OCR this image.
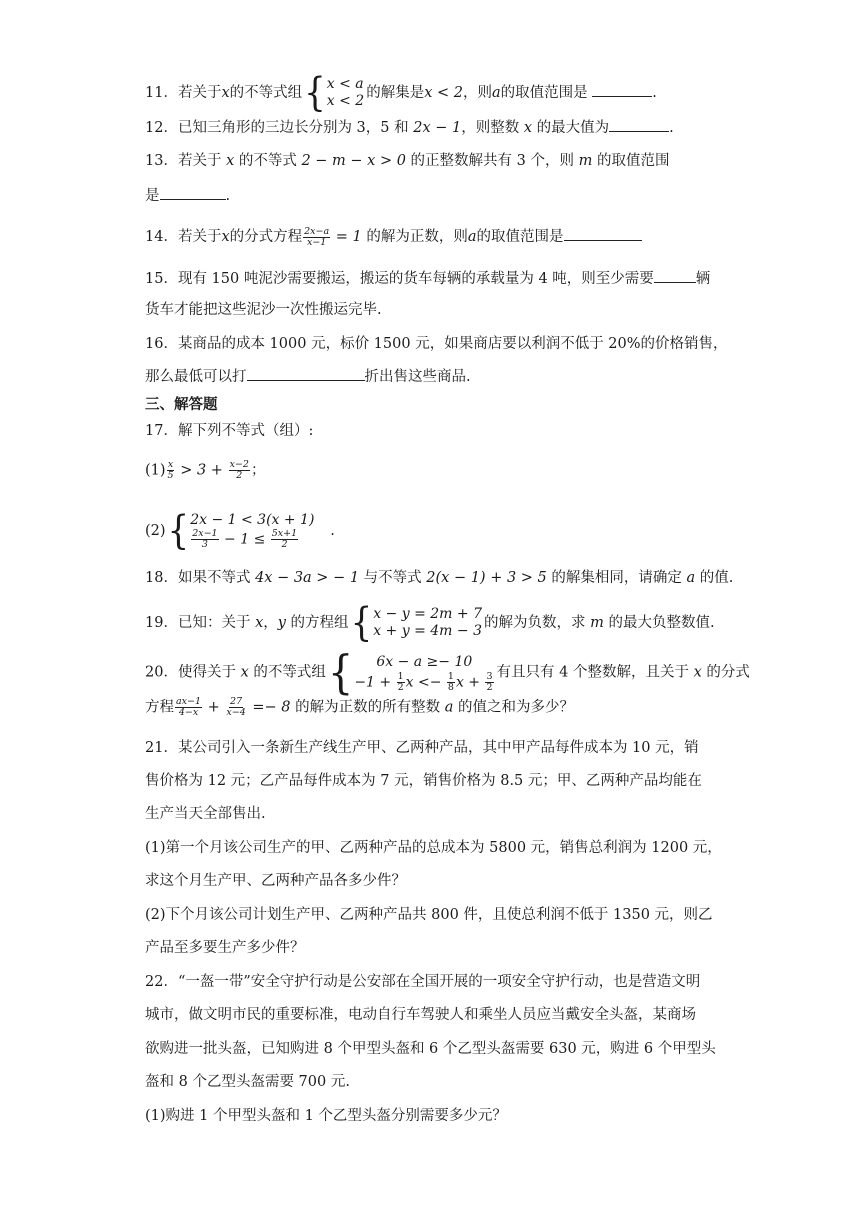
11．若关于x的不等式组 { x < a
x < 2 的解集是x < 2，则a的取值范围是	.
12．已知三角形的三边长分别为 3，5 和 2x − 1，则整数 x 的最大值为	.
13．若关于 x 的不等式 2 − m − x > 0 的正整数解共有 3 个，则 m 的取值范围
是	.
14．若关于x的分式方程 $\frac{2x-a}{x-1} = 1$ 的解为正数，则a的取值范围是
15．现有 150 吨泥沙需要搬运，搬运的货车每辆的承载量为 4 吨，则至少需要	辆
货车才能把这些泥沙一次性搬运完毕.
16．某商品的成本 1000 元，标价 1500 元，如果商店要以利润不低于 20%的价格销售，
那么最低可以打	折出售这些商品.
三、解答题
17．解下列不等式（组）:
$(1) \frac{x}{5} > 3 + \frac{x-2}{2}$ ；
(2) { 2x − 1 < 3(x + 1)
$\frac{2x-1}{3} - 1 \le \frac{5x+1}{2}$ .
18．如果不等式 4x − 3a > − 1 与不等式 2(x − 1) + 3 > 5 的解集相同，请确定 a 的值.
19．已知：关于 x，y 的方程组 { x − y = 2m + 7
x + y = 4m − 3 的解为负数，求 m 的最大负整数值.
20．使得关于 x 的不等式组 {	6x − a ≥− 10
$-1 + \frac{1}{2}$ $x <- \frac{1}{8}$ $x + \frac{3}{2}$ 有且只有 4 个整数解，且关于 x 的分式
方程 $\frac{ax-1}{4-x} + \frac{27}{x-4} =- 8$ 的解为正数的所有整数 a 的值之和为多少？
21．某公司引入一条新生产线生产甲、乙两种产品，其中甲产品每件成本为 10 元，销
售价格为 12 元；乙产品每件成本为 7 元，销售价格为 8.5 元；甲、乙两种产品均能在
生产当天全部售出.
(1)第一个月该公司生产的甲、乙两种产品的总成本为 5800 元，销售总利润为 1200 元，
求这个月生产甲、乙两种产品各多少件？
(2)下个月该公司计划生产甲、乙两种产品共 800 件，且使总利润不低于 1350 元，则乙
产品至多要生产多少件？
22．“一盔一带”安全守护行动是公安部在全国开展的一项安全守护行动，也是营造文明
城市，做文明市民的重要标准，电动自行车驾驶人和乘坐人员应当戴安全头盔，某商场
欲购进一批头盔，已知购进 8 个甲型头盔和 6 个乙型头盔需要 630 元，购进 6 个甲型头
盔和 8 个乙型头盔需要 700 元.
(1)购进 1 个甲型头盔和 1 个乙型头盔分别需要多少元？
